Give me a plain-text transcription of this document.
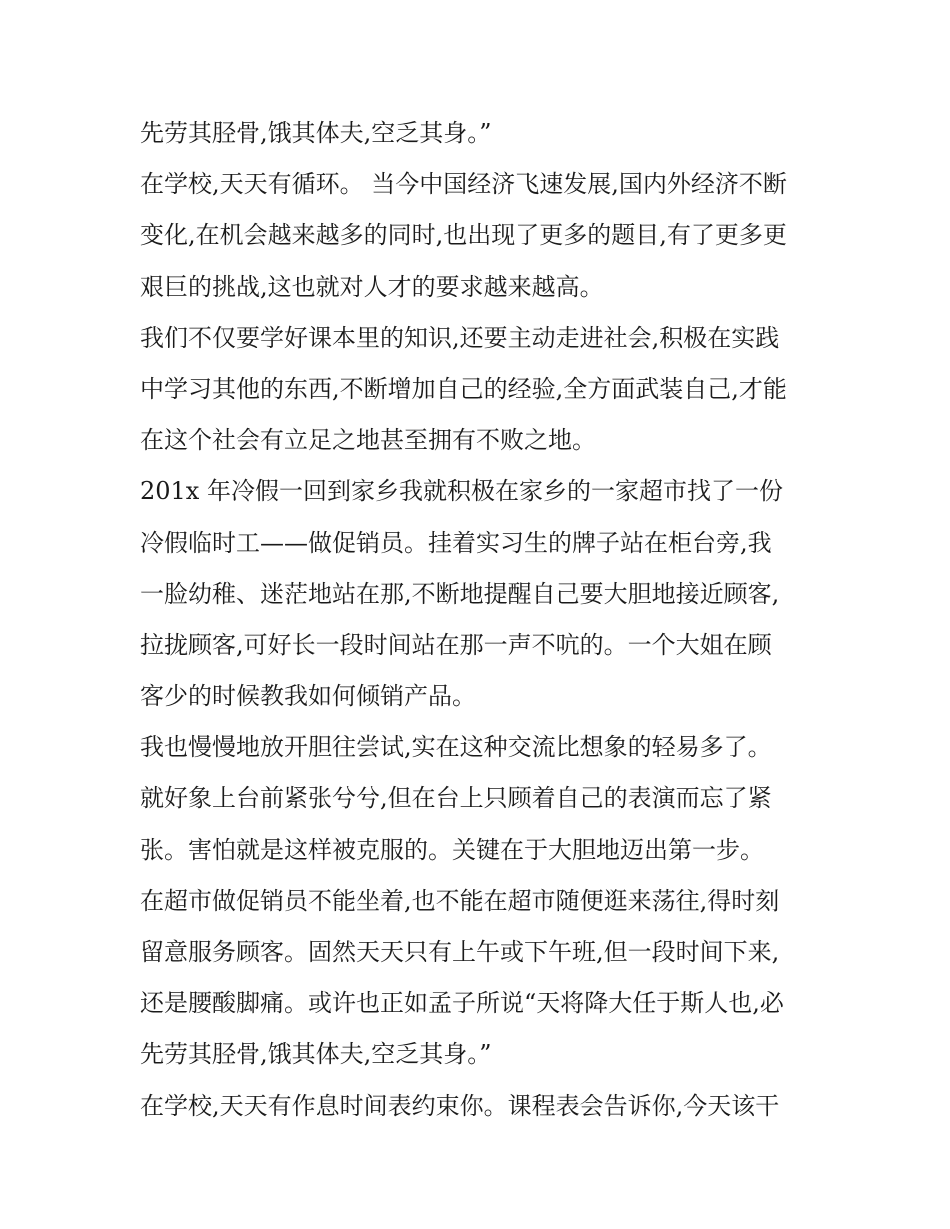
先劳其胫骨,饿其体夫,空乏其身。”
在学校,天天有循环。 当今中国经济飞速发展,国内外经济不断
变化,在机会越来越多的同时,也出现了更多的题目,有了更多更
艰巨的挑战,这也就对人才的要求越来越高。
我们不仅要学好课本里的知识,还要主动走进社会,积极在实践
中学习其他的东西,不断增加自己的经验,全方面武装自己,才能
在这个社会有立足之地甚至拥有不败之地。
201x 年冷假一回到家乡我就积极在家乡的一家超市找了一份
冷假临时工——做促销员。挂着实习生的牌子站在柜台旁,我
一脸幼稚、迷茫地站在那,不断地提醒自己要大胆地接近顾客,
拉拢顾客,可好长一段时间站在那一声不吭的。一个大姐在顾
客少的时候教我如何倾销产品。
我也慢慢地放开胆往尝试,实在这种交流比想象的轻易多了。
就好象上台前紧张兮兮,但在台上只顾着自己的表演而忘了紧
张。害怕就是这样被克服的。关键在于大胆地迈出第一步。
在超市做促销员不能坐着,也不能在超市随便逛来荡往,得时刻
留意服务顾客。固然天天只有上午或下午班,但一段时间下来,
还是腰酸脚痛。或许也正如孟子所说“天将降大任于斯人也,必
先劳其胫骨,饿其体夫,空乏其身。”
在学校,天天有作息时间表约束你。课程表会告诉你,今天该干
